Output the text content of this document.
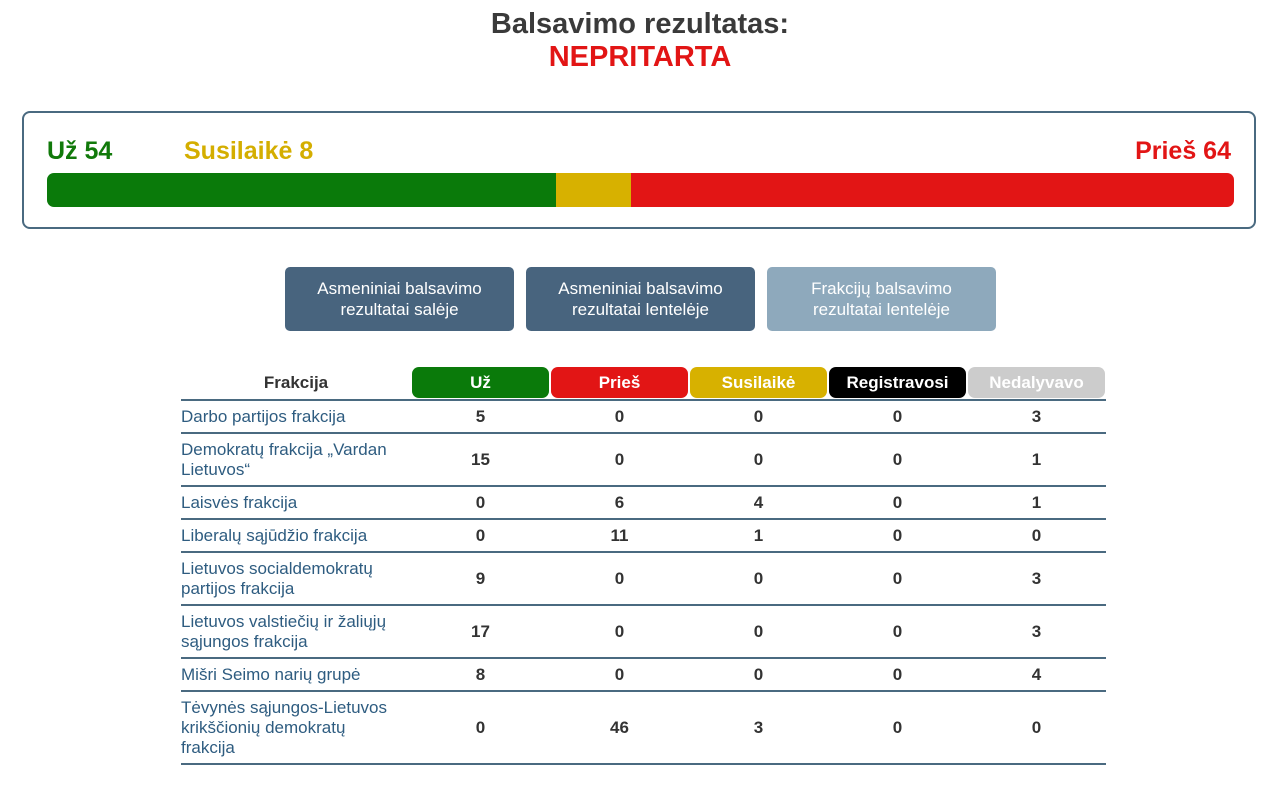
Balsavimo rezultatas:
NEPRITARTA
Už 54	Susilaikė 8	Prieš 64
Asmeniniai balsavimo rezultatai salėje
Asmeniniai balsavimo rezultatai lentelėje
Frakcijų balsavimo rezultatai lentelėje
Frakcija	Už	Prieš	Susilaikė	Registravosi	Nedalyvavo

Darbo partijos frakcija	5	0	0	0	3
Demokratų frakcija „Vardan Lietuvos“	15	0	0	0	1
Laisvės frakcija	0	6	4	0	1
Liberalų sąjūdžio frakcija	0	11	1	0	0
Lietuvos socialdemokratų partijos frakcija	9	0	0	0	3
Lietuvos valstiečių ir žaliųjų sąjungos frakcija	17	0	0	0	3
Mišri Seimo narių grupė	8	0	0	0	4
Tėvynės sąjungos-Lietuvos krikščionių demokratų frakcija	0	46	3	0	0
